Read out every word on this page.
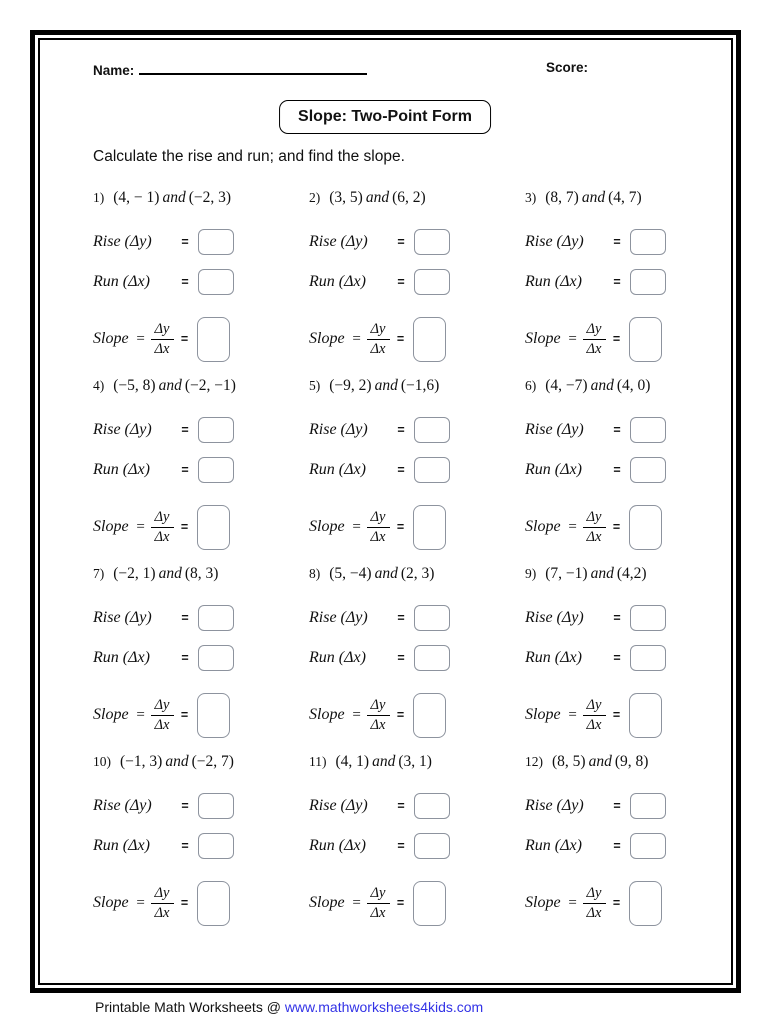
Name:	Score:
Slope: Two-Point Form
Calculate the rise and run; and find the slope.
1) (4, − 1) and (−2, 3)
Rise (Δy)	=
Run (Δx)	=
Slope = $\frac{\Delta y}{\Delta x}$ =
2) (3, 5) and (6, 2)
Rise (Δy)	=
Run (Δx)	=
Slope = $\frac{\Delta y}{\Delta x}$ =
3) (8, 7) and (4, 7)
Rise (Δy)	=
Run (Δx)	=
Slope = $\frac{\Delta y}{\Delta x}$ =
4) (−5, 8) and (−2, −1)
Rise (Δy)	=
Run (Δx)	=
Slope = $\frac{\Delta y}{\Delta x}$ =
5) (−9, 2) and (−1,6)
Rise (Δy)	=
Run (Δx)	=
Slope = $\frac{\Delta y}{\Delta x}$ =
6) (4, −7) and (4, 0)
Rise (Δy)	=
Run (Δx)	=
Slope = $\frac{\Delta y}{\Delta x}$ =
7) (−2, 1) and (8, 3)
Rise (Δy)	=
Run (Δx)	=
Slope = $\frac{\Delta y}{\Delta x}$ =
8) (5, −4) and (2, 3)
Rise (Δy)	=
Run (Δx)	=
Slope = $\frac{\Delta y}{\Delta x}$ =
9) (7, −1) and (4,2)
Rise (Δy)	=
Run (Δx)	=
Slope = $\frac{\Delta y}{\Delta x}$ =
10) (−1, 3) and (−2, 7)
Rise (Δy)	=
Run (Δx)	=
Slope = $\frac{\Delta y}{\Delta x}$ =
11) (4, 1) and (3, 1)
Rise (Δy)	=
Run (Δx)	=
Slope = $\frac{\Delta y}{\Delta x}$ =
12) (8, 5) and (9, 8)
Rise (Δy)	=
Run (Δx)	=
Slope = $\frac{\Delta y}{\Delta x}$ =
Printable Math Worksheets @ www.mathworksheets4kids.com
